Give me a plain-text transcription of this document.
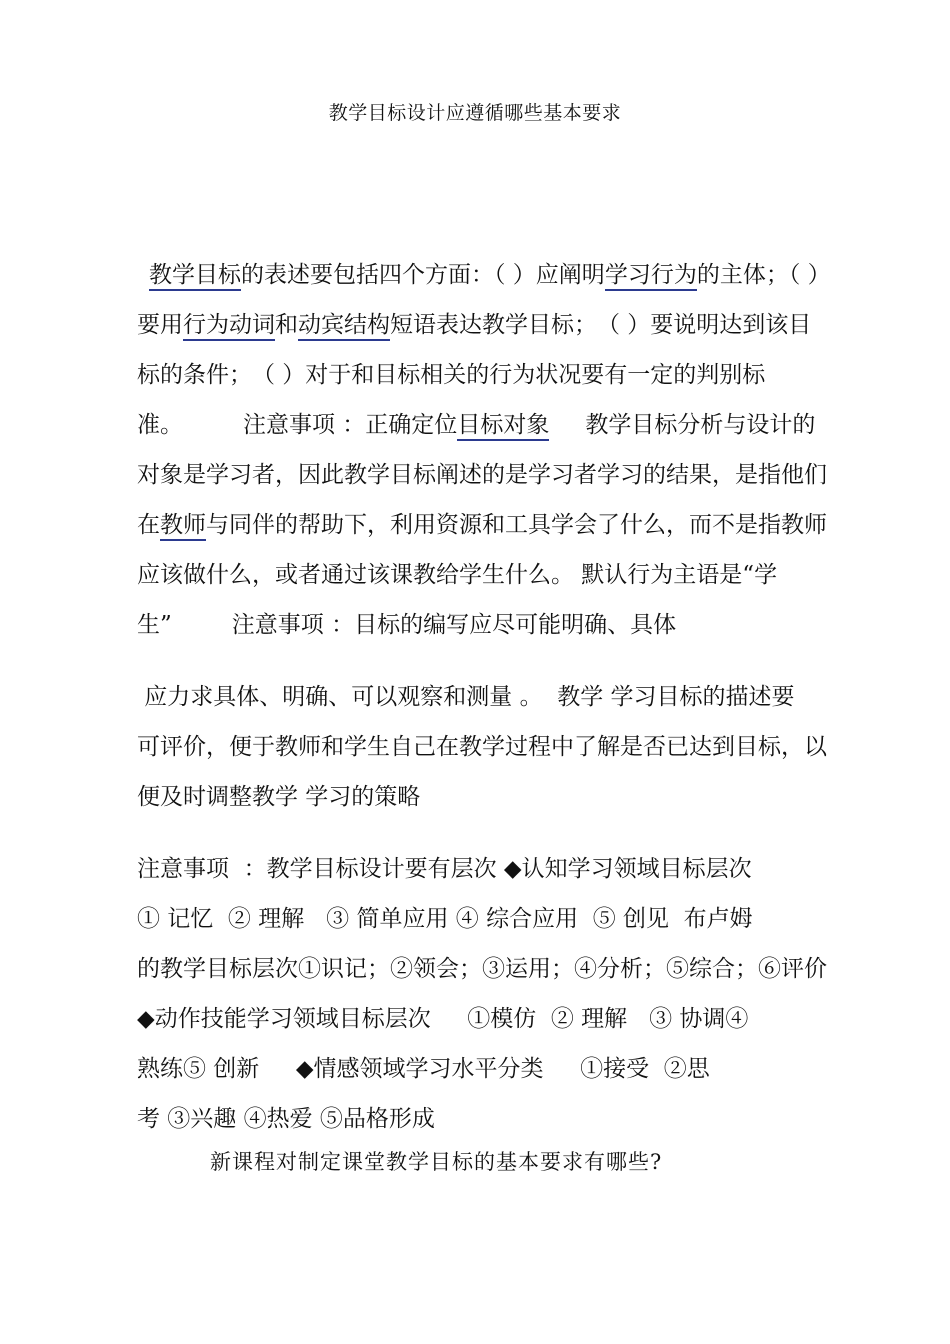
教学目标设计应遵循哪些基本要求
教学目标的表述要包括四个方面：（ ）应阐明学习行为的主体；（ ）
要用行为动词和动宾结构短语表达教学目标；　（ ）要说明达到该目
标的条件；　（ ）对于和目标相关的行为状况要有一定的判别标
准。	注意事项 ：正确定位目标对象 教学目标分析与设计的
对象是学习者，因此教学目标阐述的是学习者学习的结果，是指他们
在教师与同伴的帮助下，利用资源和工具学会了什么，而不是指教师
应该做什么，或者通过该课教给学生什么。 默认行为主语是“学
生”	注意事项 ：目标的编写应尽可能明确、具体
应力求具体、明确、可以观察和测量 。  教学 学习目标的描述要
可评价，便于教师和学生自己在教学过程中了解是否已达到目标，以
便及时调整教学 学习的策略
注意事项  ：教学目标设计要有层次 ◆认知学习领域目标层次
① 记忆  ② 理解   ③ 简单应用 ④ 综合应用  ⑤ 创见  布卢姆
的教学目标层次①识记；②领会；③运用；④分析；⑤综合；⑥评价
◆动作技能学习领域目标层次     ①模仿  ② 理解   ③ 协调④
熟练⑤ 创新     ◆情感领域学习水平分类     ①接受  ②思
考 ③兴趣 ④热爱 ⑤品格形成
新课程对制定课堂教学目标的基本要求有哪些?
